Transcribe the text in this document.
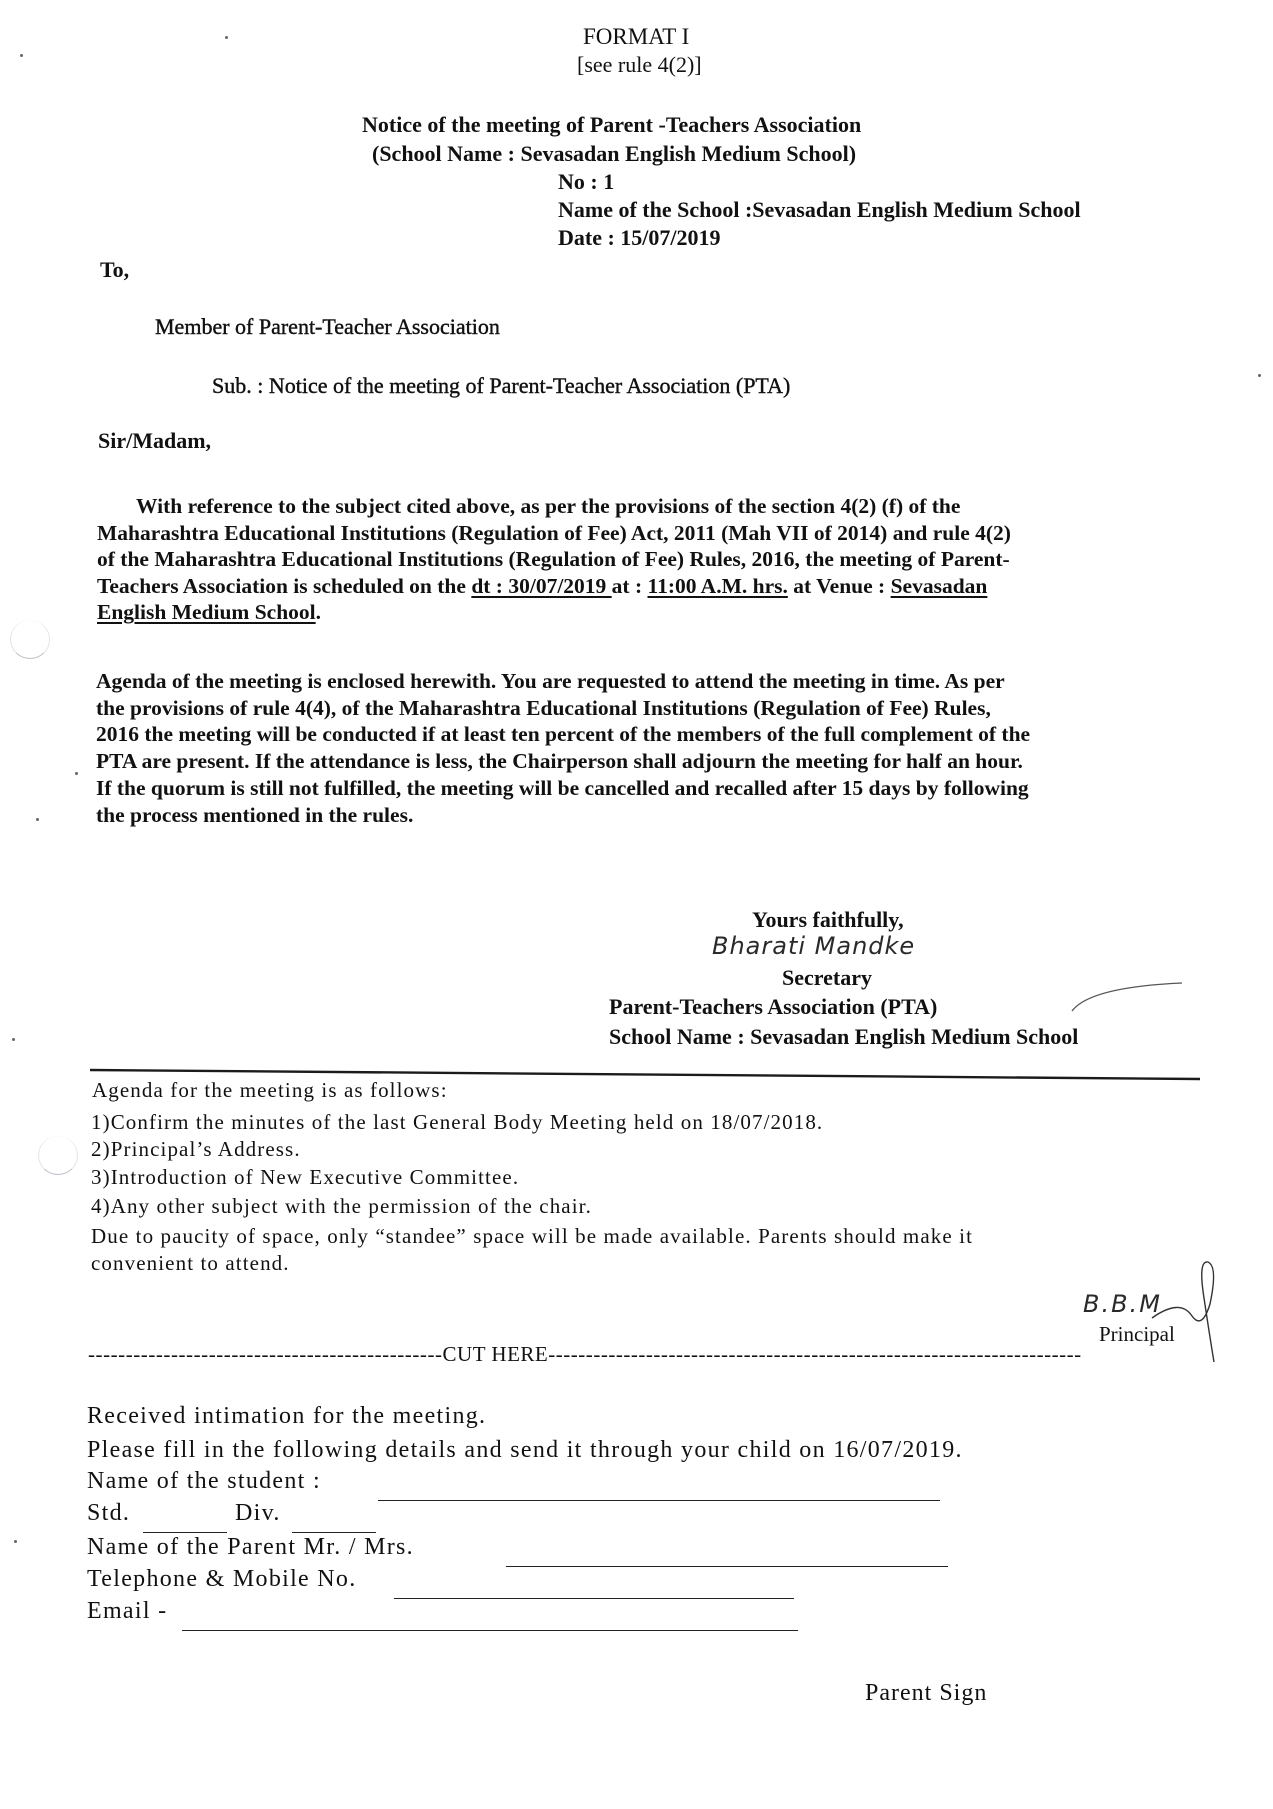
FORMAT I
[see rule 4(2)]
Notice of the meeting of Parent -Teachers Association
(School Name : Sevasadan English Medium School)
No : 1
Name of the School :Sevasadan English Medium School
Date : 15/07/2019
To,
Member of Parent-Teacher Association
Sub. : Notice of the meeting of Parent-Teacher Association (PTA)
Sir/Madam,
With reference to the subject cited above, as per the provisions of the section 4(2) (f) of the
Maharashtra Educational Institutions (Regulation of Fee) Act, 2011 (Mah VII of 2014) and rule 4(2)
of the Maharashtra Educational Institutions (Regulation of Fee) Rules, 2016, the meeting of Parent-
Teachers Association is scheduled on the dt : 30/07/2019 at : 11:00 A.M. hrs. at Venue : Sevasadan
English Medium School.
Agenda of the meeting is enclosed herewith. You are requested to attend the meeting in time. As per
the provisions of rule 4(4), of the Maharashtra Educational Institutions (Regulation of Fee) Rules,
2016 the meeting will be conducted if at least ten percent of the members of the full complement of the
PTA are present. If the attendance is less, the Chairperson shall adjourn the meeting for half an hour.
If the quorum is still not fulfilled, the meeting will be cancelled and recalled after 15 days by following
the process mentioned in the rules.
Yours faithfully,
Bharati Mandke
Secretary
Parent-Teachers Association (PTA)
School Name : Sevasadan English Medium School
Agenda for the meeting is as follows:
1)Confirm the minutes of the last General Body Meeting held on 18/07/2018.
2)Principal’s Address.
3)Introduction of New Executive Committee.
4)Any other subject with the permission of the chair.
Due to paucity of space, only “standee” space will be made available. Parents should make it
convenient to attend.
B.B.M
Principal
-----------------------------------------------CUT HERE-----------------------------------------------------------------------
Received intimation for the meeting.
Please fill in the following details and send it through your child on 16/07/2019.
Name of the student :
Std.	Div.
Name of the Parent Mr. / Mrs.
Telephone & Mobile No.
Email -
Parent Sign
